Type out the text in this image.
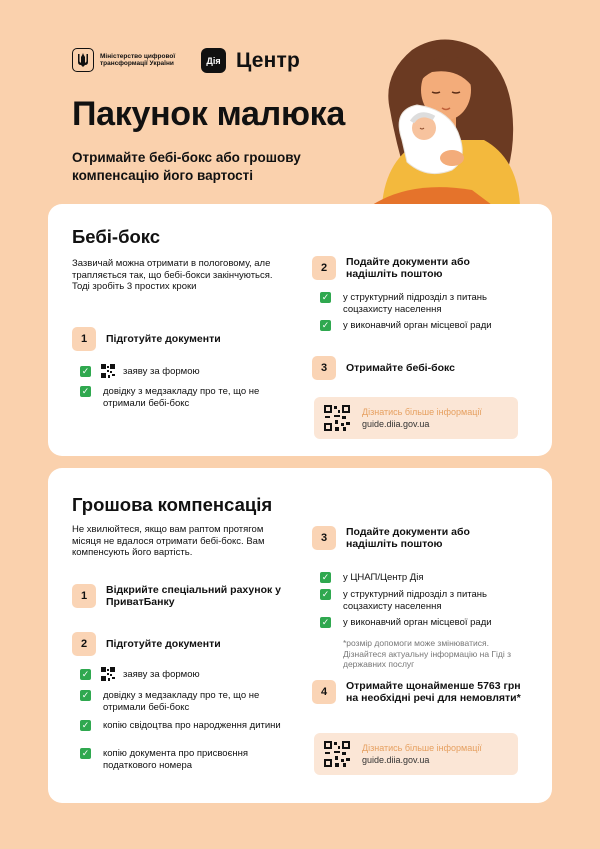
Міністерство цифрової трансформації України	Дія Центр
Пакунок малюка
Отримайте бебі-бокс або грошову компенсацію його вартості
Бебі-бокс
Зазвичай можна отримати в пологовому, але трапляється так, що бебі-бокси закінчуються. Тоді зробіть 3 простих кроки
1	Підготуйте документи
✓	заяву за формою
✓ довідку з медзакладу про те, що не отримали бебі-бокс
2	Подайте документи або надішліть поштою
✓ у структурний підрозділ з питань соцзахисту населення
✓ у виконавчий орган місцевої ради
3	Отримайте бебі-бокс
Дізнатись більше інформації
guide.diia.gov.ua
Грошова компенсація
Не хвилюйтеся, якщо вам раптом протягом місяця не вдалося отримати бебі-бокс. Вам компенсують його вартість.
1	Відкрийте спеціальний рахунок у ПриватБанку
2	Підготуйте документи
✓	заяву за формою
✓ довідку з медзакладу про те, що не отримали бебі-бокс
✓ копію свідоцтва про народження дитини
✓ копію документа про присвоєння податкового номера
3	Подайте документи або надішліть поштою
✓ у ЦНАП/Центр Дія
✓ у структурний підрозділ з питань соцзахисту населення
✓ у виконавчий орган місцевої ради
*розмір допомоги може змінюватися. Дізнайтеся актуальну інформацію на Гіді з державних послуг
4	Отримайте щонайменше 5763 грн на необхідні речі для немовляти*
Дізнатись більше інформації
guide.diia.gov.ua
